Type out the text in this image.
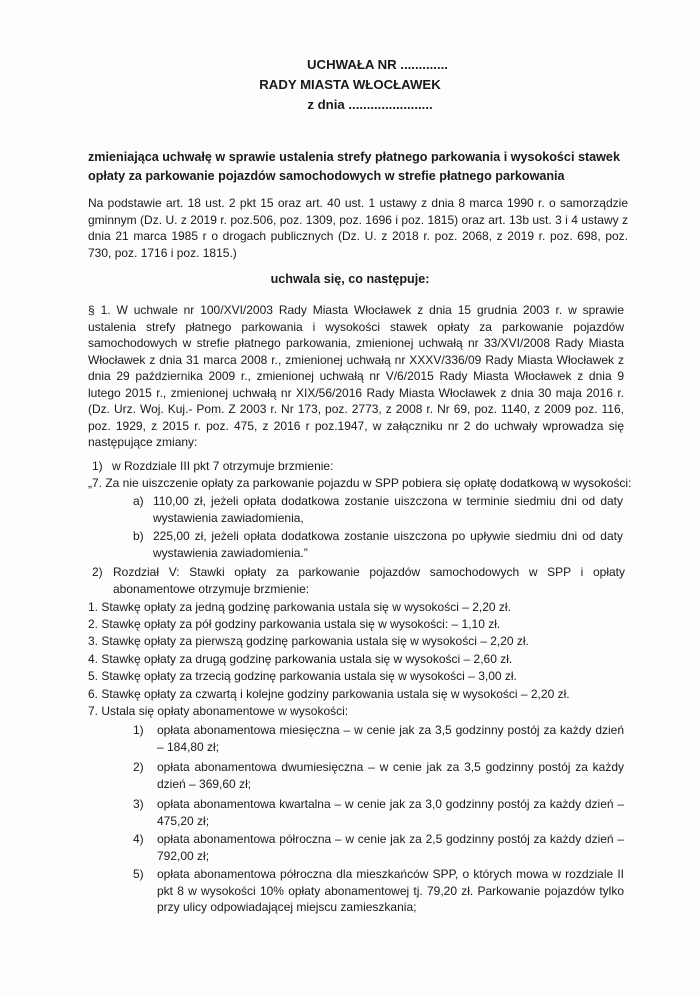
UCHWAŁA NR .............
RADY MIASTA WŁOCŁAWEK
z dnia .......................
zmieniająca uchwałę w sprawie ustalenia strefy płatnego parkowania i wysokości stawek opłaty za parkowanie pojazdów samochodowych w strefie płatnego parkowania
Na podstawie art. 18 ust. 2 pkt 15 oraz art. 40 ust. 1 ustawy z dnia 8 marca 1990 r. o samorządzie gminnym (Dz. U. z 2019 r. poz.506, poz. 1309, poz. 1696 i poz. 1815) oraz art. 13b ust. 3 i 4 ustawy z dnia 21 marca 1985 r o drogach publicznych (Dz. U. z 2018 r. poz. 2068, z 2019 r. poz. 698, poz. 730, poz. 1716 i poz. 1815.)
uchwala się, co następuje:
§ 1. W uchwale nr 100/XVI/2003 Rady Miasta Włocławek z dnia 15 grudnia 2003 r. w sprawie ustalenia strefy płatnego parkowania i wysokości stawek opłaty za parkowanie pojazdów samochodowych w strefie płatnego parkowania, zmienionej uchwałą nr 33/XVI/2008 Rady Miasta Włocławek z dnia 31 marca 2008 r., zmienionej uchwałą nr XXXV/336/09 Rady Miasta Włocławek z dnia 29 października 2009 r., zmienionej uchwałą nr V/6/2015 Rady Miasta Włocławek z dnia 9 lutego 2015 r., zmienionej uchwałą nr XIX/56/2016 Rady Miasta Włocławek z dnia 30 maja 2016 r. (Dz. Urz. Woj. Kuj.- Pom. Z 2003 r. Nr 173, poz. 2773, z 2008 r. Nr 69, poz. 1140, z 2009 poz. 116, poz. 1929, z 2015 r. poz. 475, z 2016 r poz.1947, w załączniku nr 2 do uchwały wprowadza się następujące zmiany:
1) w Rozdziale III pkt 7 otrzymuje brzmienie:
„7. Za nie uiszczenie opłaty za parkowanie pojazdu w SPP pobiera się opłatę dodatkową w wysokości:
a) 110,00 zł, jeżeli opłata dodatkowa zostanie uiszczona w terminie siedmiu dni od daty wystawienia zawiadomienia,
b) 225,00 zł, jeżeli opłata dodatkowa zostanie uiszczona po upływie siedmiu dni od daty wystawienia zawiadomienia.”
2) Rozdział V: Stawki opłaty za parkowanie pojazdów samochodowych w SPP i opłaty abonamentowe otrzymuje brzmienie:
1. Stawkę opłaty za jedną godzinę parkowania ustala się w wysokości – 2,20 zł.
2. Stawkę opłaty za pół godziny parkowania ustala się w wysokości: – 1,10 zł.
3. Stawkę opłaty za pierwszą godzinę parkowania ustala się w wysokości – 2,20 zł.
4. Stawkę opłaty za drugą godzinę parkowania ustala się w wysokości – 2,60 zł.
5. Stawkę opłaty za trzecią godzinę parkowania ustala się w wysokości – 3,00 zł.
6. Stawkę opłaty za czwartą i kolejne godziny parkowania ustala się w wysokości – 2,20 zł.
7. Ustala się opłaty abonamentowe w wysokości:
1) opłata abonamentowa miesięczna – w cenie jak za 3,5 godzinny postój za każdy dzień – 184,80 zł;
2) opłata abonamentowa dwumiesięczna – w cenie jak za 3,5 godzinny postój za każdy dzień – 369,60 zł;
3) opłata abonamentowa kwartalna – w cenie jak za 3,0 godzinny postój za każdy dzień – 475,20 zł;
4) opłata abonamentowa półroczna – w cenie jak za 2,5 godzinny postój za każdy dzień – 792,00 zł;
5) opłata abonamentowa półroczna dla mieszkańców SPP, o których mowa w rozdziale II pkt 8 w wysokości 10% opłaty abonamentowej tj. 79,20 zł. Parkowanie pojazdów tylko przy ulicy odpowiadającej miejscu zamieszkania;
